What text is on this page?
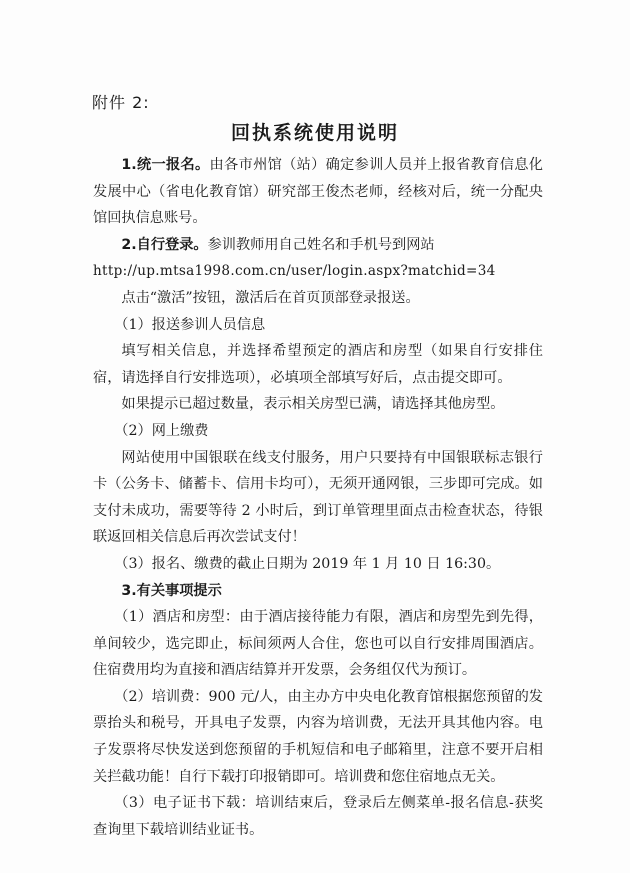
附件 2:
回执系统使用说明

1.统一报名。由各市州馆（站）确定参训人员并上报省教育信息化发展中心（省电化教育馆）研究部王俊杰老师，经核对后，统一分配央馆回执信息账号。

2.自行登录。参训教师用自己姓名和手机号到网站

http://up.mtsa1998.com.cn/user/login.aspx?matchid=34

点击“激活”按钮，激活后在首页顶部登录报送。

（1）报送参训人员信息

填写相关信息，并选择希望预定的酒店和房型（如果自行安排住宿，请选择自行安排选项），必填项全部填写好后，点击提交即可。

如果提示已超过数量，表示相关房型已满，请选择其他房型。

（2）网上缴费

网站使用中国银联在线支付服务，用户只要持有中国银联标志银行卡（公务卡、储蓄卡、信用卡均可），无须开通网银，三步即可完成。如支付未成功，需要等待 2 小时后，到订单管理里面点击检查状态，待银联返回相关信息后再次尝试支付！

（3）报名、缴费的截止日期为 2019 年 1 月 10 日 16:30。

3.有关事项提示

（1）酒店和房型：由于酒店接待能力有限，酒店和房型先到先得，单间较少，选完即止，标间须两人合住，您也可以自行安排周围酒店。住宿费用均为直接和酒店结算并开发票，会务组仅代为预订。

（2）培训费：900 元/人，由主办方中央电化教育馆根据您预留的发票抬头和税号，开具电子发票，内容为培训费，无法开具其他内容。电子发票将尽快发送到您预留的手机短信和电子邮箱里，注意不要开启相关拦截功能！自行下载打印报销即可。培训费和您住宿地点无关。

（3）电子证书下载：培训结束后，登录后左侧菜单-报名信息-获奖查询里下载培训结业证书。
